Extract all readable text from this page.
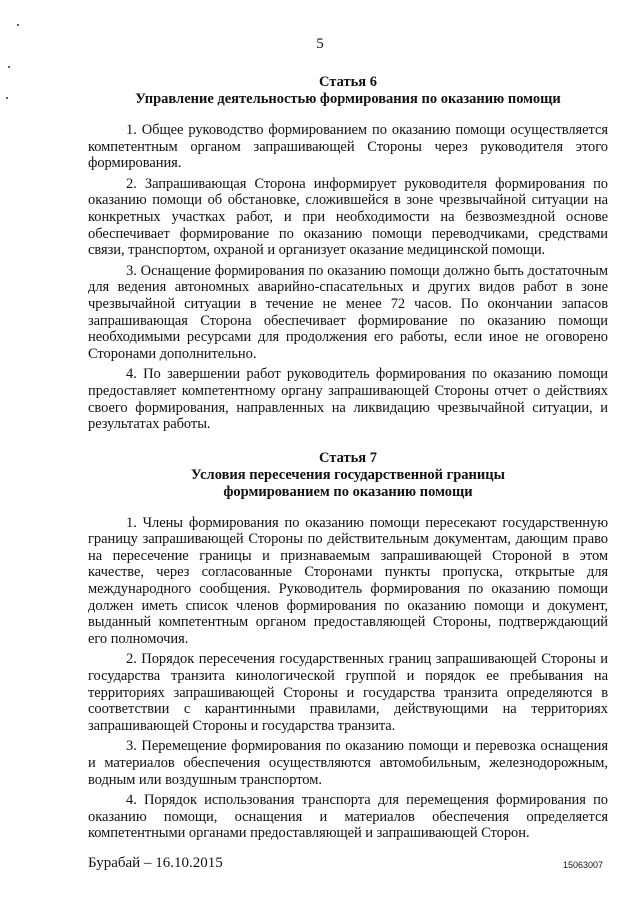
5
Статья 6
Управление деятельностью формирования по оказанию помощи

1. Общее руководство формированием по оказанию помощи осуществляется компетентным органом запрашивающей Стороны через руководителя этого формирования.

2. Запрашивающая Сторона информирует руководителя формирования по оказанию помощи об обстановке, сложившейся в зоне чрезвычайной ситуации на конкретных участках работ, и при необходимости на безвозмездной основе обеспечивает формирование по оказанию помощи переводчиками, средствами связи, транспортом, охраной и организует оказание медицинской помощи.

3. Оснащение формирования по оказанию помощи должно быть достаточным для ведения автономных аварийно-спасательных и других видов работ в зоне чрезвычайной ситуации в течение не менее 72 часов. По окончании запасов запрашивающая Сторона обеспечивает формирование по оказанию помощи необходимыми ресурсами для продолжения его работы, если иное не оговорено Сторонами дополнительно.

4. По завершении работ руководитель формирования по оказанию помощи предоставляет компетентному органу запрашивающей Стороны отчет о действиях своего формирования, направленных на ликвидацию чрезвычайной ситуации, и результатах работы.

Статья 7
Условия пересечения государственной границы
формированием по оказанию помощи

1. Члены формирования по оказанию помощи пересекают государственную границу запрашивающей Стороны по действительным документам, дающим право на пересечение границы и признаваемым запрашивающей Стороной в этом качестве, через согласованные Сторонами пункты пропуска, открытые для международного сообщения. Руководитель формирования по оказанию помощи должен иметь список членов формирования по оказанию помощи и документ, выданный компетентным органом предоставляющей Стороны, подтверждающий его полномочия.

2. Порядок пересечения государственных границ запрашивающей Стороны и государства транзита кинологической группой и порядок ее пребывания на территориях запрашивающей Стороны и государства транзита определяются в соответствии с карантинными правилами, действующими на территориях запрашивающей Стороны и государства транзита.

3. Перемещение формирования по оказанию помощи и перевозка оснащения и материалов обеспечения осуществляются автомобильным, железнодорожным, водным или воздушным транспортом.

4. Порядок использования транспорта для перемещения формирования по оказанию помощи, оснащения и материалов обеспечения определяется компетентными органами предоставляющей и запрашивающей Сторон.

Бурабай – 16.10.2015	15063007
